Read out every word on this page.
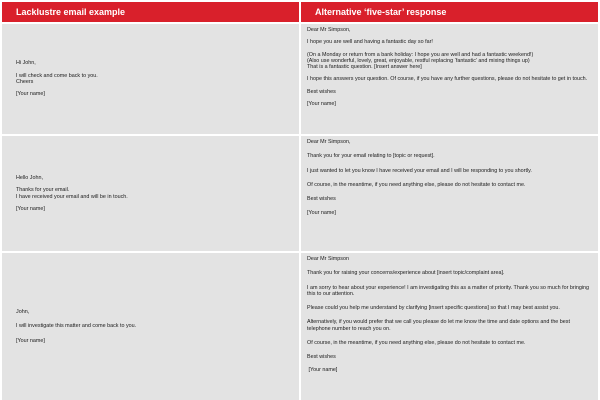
Lacklustre email example	Alternative ‘five-star’ response
Hi John,
I will check and come back to you.
Cheers
[Your name]
Dear Mr Simpson,
I hope you are well and having a fantastic day so far!
(On a Monday or return from a bank holiday: I hope you are well and had a fantastic weekend!)
(Also use wonderful, lovely, great, enjoyable, restful replacing ‘fantastic’ and mixing things up)
That is a fantastic question. [Insert answer here]
I hope this answers your question. Of course, if you have any further questions, please do not hesitate to get in touch.
Best wishes
[Your name]
Hello John,
Thanks for your email.
I have received your email and will be in touch.
[Your name]
Dear Mr Simpson,
Thank you for your email relating to [topic or request].
I just wanted to let you know I have received your email and I will be responding to you shortly.
Of course, in the meantime, if you need anything else, please do not hesitate to contact me.
Best wishes
[Your name]
John,
I will investigate this matter and come back to you.
[Your name]
Dear Mr Simpson
Thank you for raising your concerns/experience about [insert topic/complaint area].
I am sorry to hear about your experience! I am investigating this as a matter of priority. Thank you so much for bringing this to our attention.
Please could you help me understand by clarifying [insert specific questions] so that I may best assist you.
Alternatively, if you would prefer that we call you please do let me know the time and date options and the best telephone number to reach you on.
Of course, in the meantime, if you need anything else, please do not hesitate to contact me.
Best wishes
[Your name]
